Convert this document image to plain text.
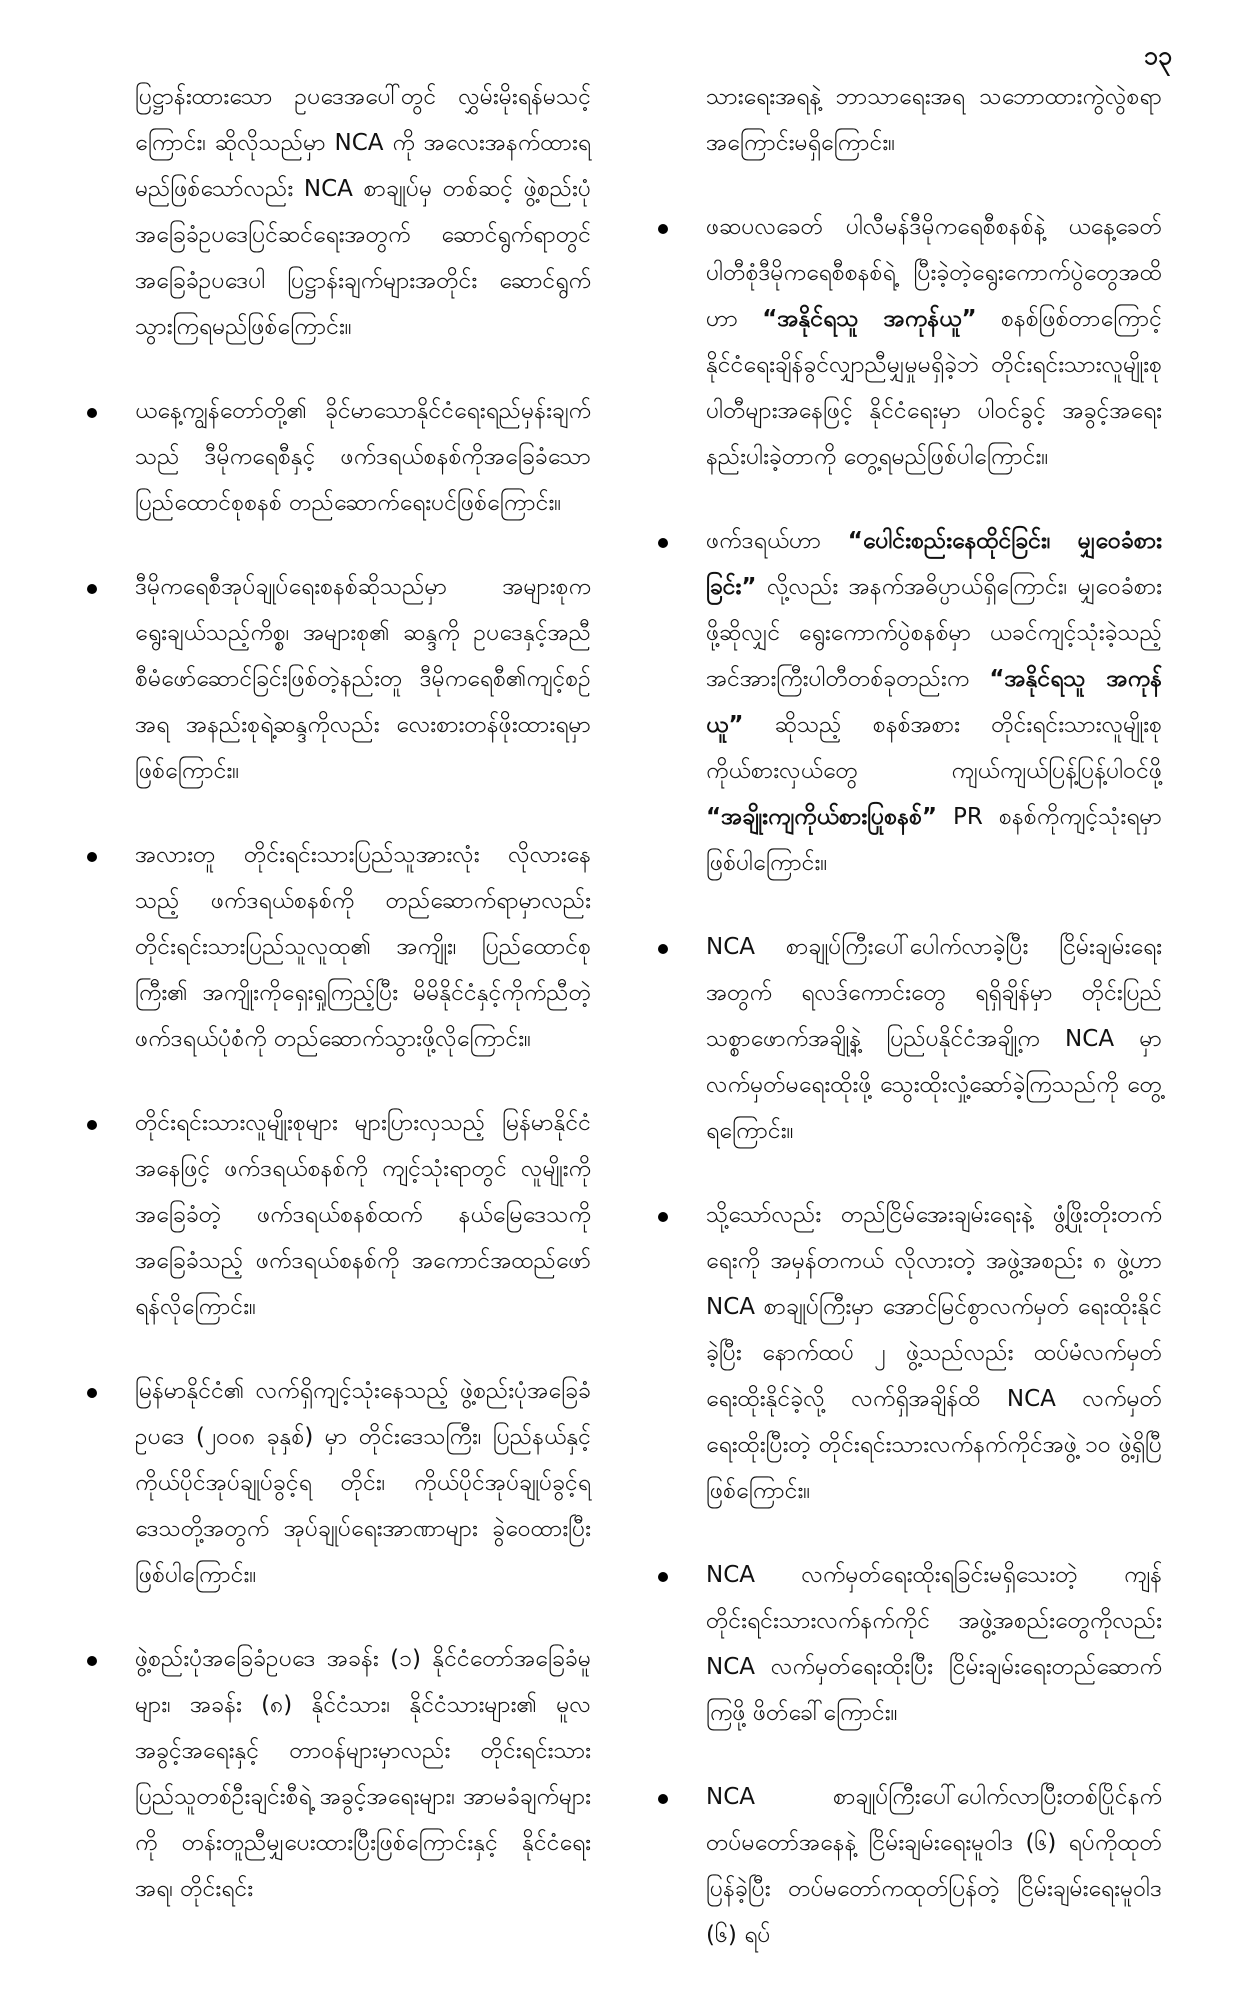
၁၃

ပြဋ္ဌာန်းထားသော ဥပဒေအပေါ်တွင် လွှမ်းမိုးရန်မသင့်ကြောင်း၊ ဆိုလိုသည်မှာ NCA ကို အလေးအနက်ထားရမည်ဖြစ်သော်လည်း NCA စာချုပ်မှ တစ်ဆင့် ဖွဲ့စည်းပုံအခြေခံဥပဒေပြင်ဆင်ရေးအတွက် ဆောင်ရွက်ရာတွင် အခြေခံဥပဒေပါ ပြဋ္ဌာန်းချက်များအတိုင်း ဆောင်ရွက်သွားကြရမည်ဖြစ်ကြောင်း။

ယနေ့ကျွန်တော်တို့၏ ခိုင်မာသောနိုင်ငံရေးရည်မှန်းချက်သည် ဒီမိုကရေစီနှင့် ဖက်ဒရယ်စနစ်ကိုအခြေခံသောပြည်ထောင်စုစနစ် တည်ဆောက်ရေးပင်ဖြစ်ကြောင်း။

ဒီမိုကရေစီအုပ်ချုပ်ရေးစနစ်ဆိုသည်မှာ အများစုက ရွေးချယ်သည့်ကိစ္စ၊ အများစု၏ ဆန္ဒကို ဥပဒေနှင့်အညီ စီမံဖော်ဆောင်ခြင်းဖြစ်တဲ့နည်းတူ ဒီမိုကရေစီ၏ကျင့်စဉ်အရ အနည်းစုရဲ့ဆန္ဒကိုလည်း လေးစားတန်ဖိုးထားရမှာ ဖြစ်ကြောင်း။

အလားတူ တိုင်းရင်းသားပြည်သူအားလုံး လိုလားနေသည့် ဖက်ဒရယ်စနစ်ကို တည်ဆောက်ရာမှာလည်း တိုင်းရင်းသားပြည်သူလူထု၏ အကျိုး၊ ပြည်ထောင်စုကြီး၏ အကျိုးကိုရှေးရှုကြည့်ပြီး မိမိနိုင်ငံနှင့်ကိုက်ညီတဲ့ ဖက်ဒရယ်ပုံစံကို တည်ဆောက်သွားဖို့လိုကြောင်း။

တိုင်းရင်းသားလူမျိုးစုများ များပြားလှသည့် မြန်မာနိုင်ငံအနေဖြင့် ဖက်ဒရယ်စနစ်ကို ကျင့်သုံးရာတွင် လူမျိုးကိုအခြေခံတဲ့ ဖက်ဒရယ်စနစ်ထက် နယ်မြေဒေသကို အခြေခံသည့် ဖက်ဒရယ်စနစ်ကို အကောင်အထည်ဖော်ရန်လိုကြောင်း။

မြန်မာနိုင်ငံ၏ လက်ရှိကျင့်သုံးနေသည့် ဖွဲ့စည်းပုံအခြေခံဥပဒေ (၂၀၀၈ ခုနှစ်) မှာ တိုင်းဒေသကြီး၊ ပြည်နယ်နှင့် ကိုယ်ပိုင်အုပ်ချုပ်ခွင့်ရ တိုင်း၊ ကိုယ်ပိုင်အုပ်ချုပ်ခွင့်ရဒေသတို့အတွက် အုပ်ချုပ်ရေးအာဏာများ ခွဲဝေထားပြီးဖြစ်ပါကြောင်း။

ဖွဲ့စည်းပုံအခြေခံဥပဒေ အခန်း (၁) နိုင်ငံတော်အခြေခံမူများ၊ အခန်း (၈) နိုင်ငံသား၊ နိုင်ငံသားများ၏ မူလအခွင့်အရေးနှင့် တာဝန်များမှာလည်း တိုင်းရင်းသား ပြည်သူတစ်ဦးချင်းစီရဲ့ အခွင့်အရေးများ၊ အာမခံချက်များကို တန်းတူညီမျှပေးထားပြီးဖြစ်ကြောင်းနှင့် နိုင်ငံရေးအရ၊ တိုင်းရင်း

သားရေးအရနဲ့ ဘာသာရေးအရ သဘောထားကွဲလွဲစရာ အကြောင်းမရှိကြောင်း။

ဖဆပလခေတ် ပါလီမန်ဒီမိုကရေစီစနစ်နဲ့ ယနေ့ခေတ် ပါတီစုံဒီမိုကရေစီစနစ်ရဲ့ ပြီးခဲ့တဲ့ရွေးကောက်ပွဲတွေအထိ ဟာ “အနိုင်ရသူ အကုန်ယူ” စနစ်ဖြစ်တာကြောင့် နိုင်ငံရေးချိန်ခွင်လျှာညီမျှမှုမရှိခဲ့ဘဲ တိုင်းရင်းသားလူမျိုးစုပါတီများအနေဖြင့် နိုင်ငံရေးမှာ ပါဝင်ခွင့် အခွင့်အရေးနည်းပါးခဲ့တာကို တွေ့ရမည်ဖြစ်ပါကြောင်း။

ဖက်ဒရယ်ဟာ “ပေါင်းစည်းနေထိုင်ခြင်း၊ မျှဝေခံစားခြင်း” လို့လည်း အနက်အဓိပ္ပာယ်ရှိကြောင်း၊ မျှဝေခံစားဖို့ဆိုလျှင် ရွေးကောက်ပွဲစနစ်မှာ ယခင်ကျင့်သုံးခဲ့သည့် အင်အားကြီးပါတီတစ်ခုတည်းက “အနိုင်ရသူ အကုန်ယူ” ဆိုသည့် စနစ်အစား တိုင်းရင်းသားလူမျိုးစုကိုယ်စားလှယ်တွေ ကျယ်ကျယ်ပြန့်ပြန့်ပါဝင်ဖို့ “အချိုးကျကိုယ်စားပြုစနစ်” PR စနစ်ကိုကျင့်သုံးရမှာဖြစ်ပါကြောင်း။

NCA စာချုပ်ကြီးပေါ်ပေါက်လာခဲ့ပြီး ငြိမ်းချမ်းရေးအတွက် ရလဒ်ကောင်းတွေ ရရှိချိန်မှာ တိုင်းပြည်သစ္စာဖောက်အချို့နဲ့ ပြည်ပနိုင်ငံအချို့က NCA မှာ လက်မှတ်မရေးထိုးဖို့ သွေးထိုးလှုံ့ဆော်ခဲ့ကြသည်ကို တွေ့ရကြောင်း။

သို့သော်လည်း တည်ငြိမ်အေးချမ်းရေးနဲ့ ဖွံ့ဖြိုးတိုးတက်ရေးကို အမှန်တကယ် လိုလားတဲ့ အဖွဲ့အစည်း ၈ ဖွဲ့ဟာ NCA စာချုပ်ကြီးမှာ အောင်မြင်စွာလက်မှတ် ရေးထိုးနိုင်ခဲ့ပြီး နောက်ထပ် ၂ ဖွဲ့သည်လည်း ထပ်မံလက်မှတ်ရေးထိုးနိုင်ခဲ့လို့ လက်ရှိအချိန်ထိ NCA လက်မှတ်ရေးထိုးပြီးတဲ့ တိုင်းရင်းသားလက်နက်ကိုင်အဖွဲ့ ၁၀ ဖွဲ့ရှိပြီ ဖြစ်ကြောင်း။

NCA လက်မှတ်ရေးထိုးရခြင်းမရှိသေးတဲ့ ကျန်တိုင်းရင်းသားလက်နက်ကိုင် အဖွဲ့အစည်းတွေကိုလည်း NCA လက်မှတ်ရေးထိုးပြီး ငြိမ်းချမ်းရေးတည်ဆောက်ကြဖို့ ဖိတ်ခေါ်ကြောင်း။

NCA စာချုပ်ကြီးပေါ်ပေါက်လာပြီးတစ်ပြိုင်နက် တပ်မတော်အနေနဲ့ ငြိမ်းချမ်းရေးမူဝါဒ (၆) ရပ်ကိုထုတ်ပြန်ခဲ့ပြီး တပ်မတော်ကထုတ်ပြန်တဲ့ ငြိမ်းချမ်းရေးမူဝါဒ (၆) ရပ်
